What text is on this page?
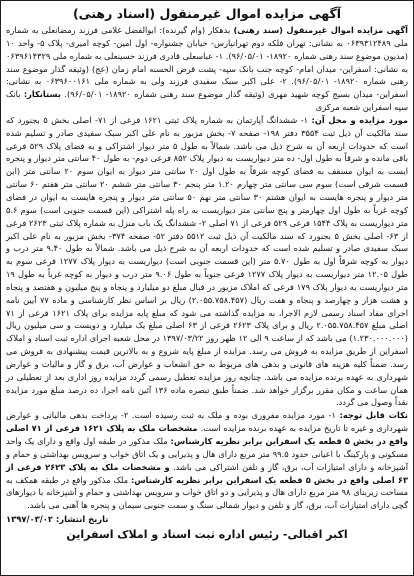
آگهی مزایده اموال غیرمنقول (اسناد رهنی)

آگهی مزایده اموال غیرمنقول (سند رهنی) بدهکار (وام گیرنده): ابوالفضل غلامی فرزند رمضانعلی به شماره ملی ۰۶۳۹۳۱۲۴۸۹ به نشانی: تهران فلکه دوم تهرانپارس- خیابان جشنواره- اول امین- کوچه امیری- پلاک ۵- واحد ۱۰ (مدیون موضوع سند رهنی شماره ۱۸۹۲۰- ۹۶/۰۵/۰۱). ۱- عباسعلی قادری فرزند حسینعلی به شماره ملی ۰۶۳۹۶۱۴۳۲۹ به نشانی: اسفراین- میدان امام- کوچه جنب بانک سپه- پشت قرض الحسنه امام زمان (عج) (وثیقه گذار موضوع سند رهنی شماره ۱۸۹۲۰- ۹۶/۰۵/۰۱). ۲- علی اکبر سبک سفیدی فرزند ولی به شماره ملی ۰۶۳۹۶۰۰۱۶۱ به نشانی: اسفراین- میدان بسیج کوچه شهید مهری (وثیقه گذار موضوع سند رهنی شماره ۱۸۹۲۰- ۹۶/۰۵/۰۱). بستانکار: بانک سپه اسفراین شعبه مرکزی

مورد مزایده و محل آن: ۱- ششدانگ آپارتمان به شماره پلاک ثبتی ۱۶۲۱ فرعی از ۷۱- اصلی بخش ۵ بجنورد که سند مالکیت آن ذیل ثبت ۳۵۵۴ دفتر ۱۹۸- صفحه ۷- بخش مزبور به نام علی اکبر سبک سفیدی صادر و تسلیم شده است که حدودات اربعه آن به شرح ذیل می باشد. شمالاً به طول ۵ متر دیوار اشتراکی و به فضای پلاک ۵۲۹ فرعی باقی مانده و شرقاً به طول اول- ده متر دیواریست به دیوار پلاک ۸۵۲ فرعی دوم- به طول ۴۰ سانتی متر دیوار و پنجره ایست به ایوان مسقف به فضای کوچه شرقاً به طول اول ۲۰ سانتی متر دیوار به ایوان سوم ۲۰ سانتی متر (این قسمت شرقی است) سوم سی سانتی متر چهارم ۱.۲۰ متر پنجم ۳۰ سانتی متر ششم ۲۰ سانتی متر هفتم ۶۰ سانتی متر دیوار و پنجره هایست به ایوان هشتم ۳۰ سانتی متر نهم ۵۰ سانتی متر دیوار و پنجره هایست به ایوان در فضای کوچه غرباً به طول اول چهارمتر و پنج سانتی متر دیواریست به راه پله اشتراکی (این قسمت جنوبی است) سوم ۵.۶ متر دیواریست به پلاک ۱۵۴۴ فرعی ۵۲۹ فرعی از ۷۱ اصلی ۲- ششدانگ یک باب منزل به شماره پلاک ثبتی ۲۶۲۳ فرعی از ۶۳- اصلی بخش ۵ بجنورد که سند مالکیت آن ذیل ثبت ۵۵۱۲ دفتر ۵۲- صفحه ۳۷۴- بخش مزبور به نام علی اکبر سبک سفیدی صادر و تسلیم شده است که حدودات اربعه آن به شرح ذیل می باشد. شمالاً به طول ۹.۴۰ متر درب و دیوار به کوچه شرقاً اول به طول ۵.۷۰ متر (این قسمت جنوبی است) دیواریست به دیوار پلاک ۱۲۷۷ فرعی سوم به طول ۱۲.۰۵ متر دیواریست به دیوار پلاک ۱۲۷۷ فرعی جنوباً به طول ۹.۰۶ متر درب و دیوار به کوچه غرباً به طول ۱۹ متر دیواریست به دیوار پلاک ۱۷۹ فرعی که املاک مزبور در قبال مبلغ دو میلیارد و پنجاه و پنج میلیون و هفتصد و پنجاه و هشت هزار و چهارصد و پنجاه و هفت ریال (۲.۰۵۵.۷۵۸.۴۵۷) ریال بر اساس نظر کارشناسی و ماده ۷۷ آیین نامه اجرای مفاد اسناد رسمی لازم الاجرا، به مزایده گذاشته می شود که مبلغ پایه مزایده برای پلاک ۱۶۲۱ فرعی از ۷۱ اصلی مبلغ ۲.۰۵۵.۷۵۸.۴۵۷ ریال و برای پلاک ۲۶۲۳ فرعی از ۶۳ اصلی مبلغ یک میلیارد و دویست و سی میلیون ریال (۱.۲۳۰.۰۰۰.۰۰۰) می باشد که از ساعت ۹ الی ۱۲ ظهر روز ۱۳۹۷/۰۳/۲۲ در محل شعبه اجرای اداره ثبت اسناد و املاک اسفراین از طریق مزایده به فروش می رسد. مزایده از مبلغ پایه شروع و به بالاترین قیمت پیشنهادی به فروش می رسد. ضمناً کلیه هزینه های قانونی و بدهی های مربوط به حق انشعاب و عوارض آب، برق و گاز و مالیات و عوارض شهرداری به عهده برنده مزایده می باشد. چنانچه روز مزایده تعطیل رسمی گردد مزایده روز اداری بعد از تعطیلی در همان ساعت و مکان مقرر برگزار خواهد شد. ضمناً طبق تبصره ماده ۱۳۶ آئین نامه اجرا، ده درصد مبلغ مورد مزایده نقداً وصول می گردد.

نکات قابل توجه: ۱- مورد مزایده مفروزی بوده و ملک به ثبت رسیده است. ۲- پرداخت بدهی مالیاتی و عوارض شهرداری و غیره تا تاریخ مزایده به عهده برنده مزایده است. مشخصات ملک به پلاک ۱۶۲۱ فرعی از ۷۱ اصلی واقع در بخش ۵ قطعه یک اسفراین برابر نظریه کارشناس: ملک مذکور در طبقه اول واقع و دارای یک واحد مسکونی و پارکینگ با اعیانی حدود ۹۹.۵ متر مربع دارای هال و پذیرایی و یک اتاق خواب و سرویس بهداشتی و حمام و آشپزخانه و دارای امتیازات آب، برق، گاز و تلفن اشتراکی می باشد. و مشخصات ملک به پلاک ۲۶۲۳ فرعی از ۶۳ اصلی واقع در بخش ۵ قطعه یک اسفراین برابر نظریه کارشناس: ملک مذکور واقع در طبقه همکف به مساحت زیربنای ۹۸ متر مربع دارای هال و پذیرایی و دو اتاق خواب و سرویس بهداشتی و حمام و آشپزخانه با دیوارهای گچی دارای امتیازات آب، برق، گاز و تلفن و دیوار شمالی سنگ و سمت جنوبی سیمان و پنجره ها آهنی می باشد.

تاریخ انتشار: ۱۳۹۷/۰۳/۰۲
اکبر اقبالی- رئیس اداره ثبت اسناد و املاک اسفراین
